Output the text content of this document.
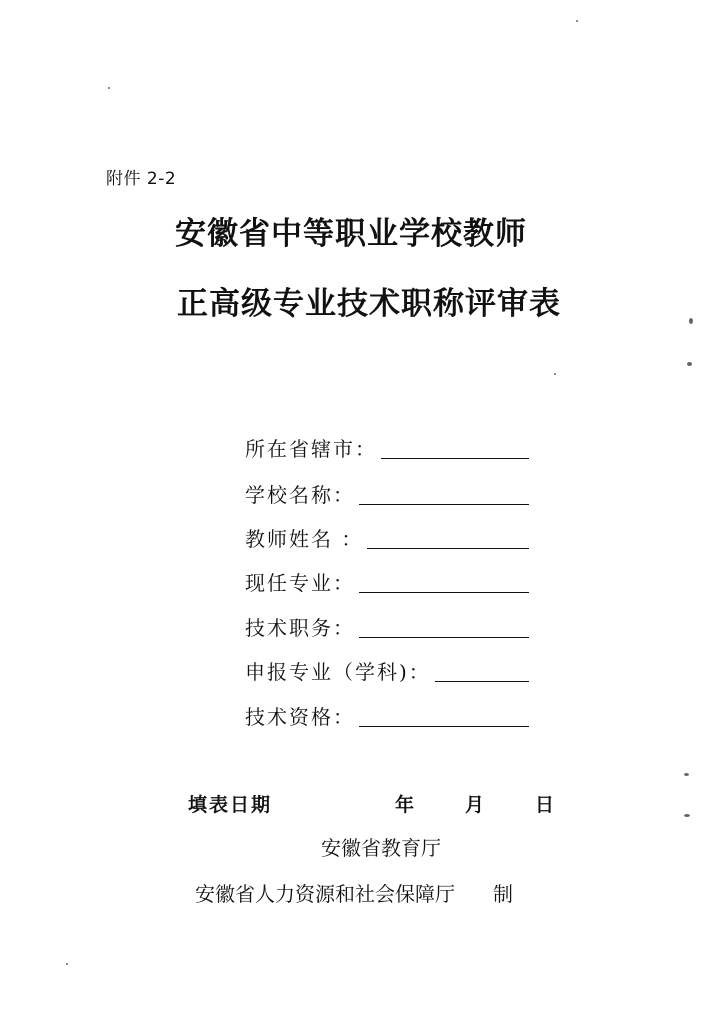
附件 2-2
安徽省中等职业学校教师
正高级专业技术职称评审表
所在省辖市：
学校名称：
教师姓名 ：
现任专业：
技术职务：
申报专业（学科)：
技术资格：
填表日期	年	月	日
安徽省教育厅
安徽省人力资源和社会保障厅 制
